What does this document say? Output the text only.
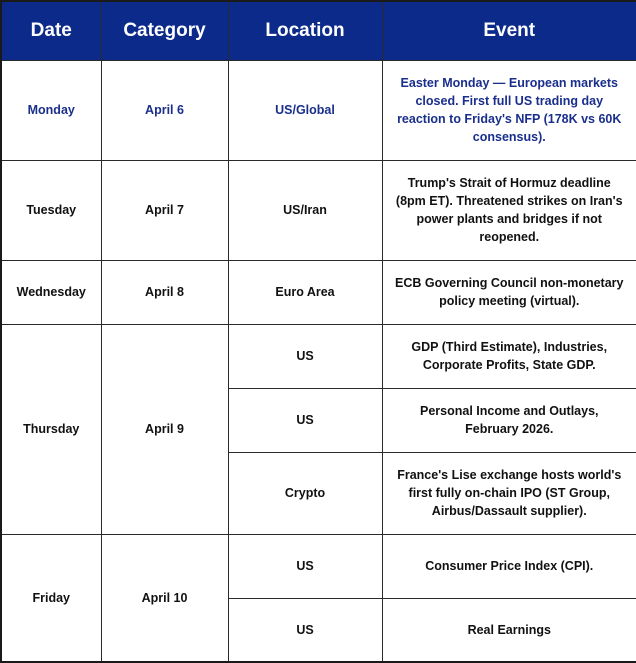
Date	Category	Location	Event
Monday	April 6	US/Global	Easter Monday — European markets closed. First full US trading day reaction to Friday's NFP (178K vs 60K consensus).
Tuesday	April 7	US/Iran	Trump's Strait of Hormuz deadline (8pm ET). Threatened strikes on Iran's power plants and bridges if not reopened.
Wednesday	April 8	Euro Area	ECB Governing Council non-monetary policy meeting (virtual).
Thursday	April 9	US	GDP (Third Estimate), Industries, Corporate Profits, State GDP.
		US	Personal Income and Outlays, February 2026.
		Crypto	France's Lise exchange hosts world's first fully on-chain IPO (ST Group, Airbus/Dassault supplier).
Friday	April 10	US	Consumer Price Index (CPI).
		US	Real Earnings
